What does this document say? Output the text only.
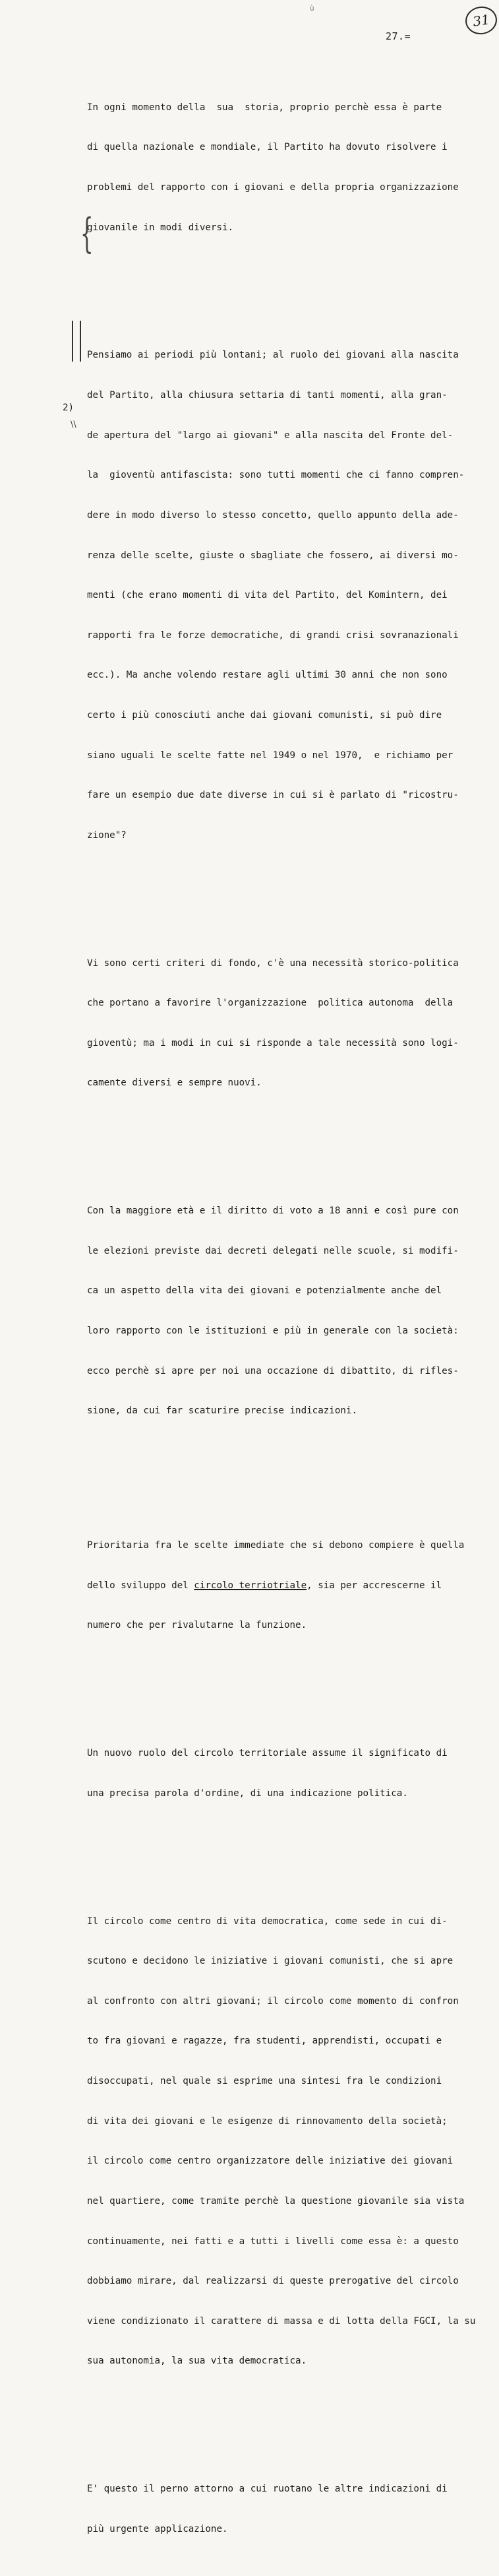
ù
27.=
31
{
\\
2)

In ogni momento della  sua  storia, proprio perchè essa è parte

di quella nazionale e mondiale, il Partito ha dovuto risolvere i

problemi del rapporto con i giovani e della propria organizzazione

giovanile in modi diversi.

Pensiamo ai periodi più lontani; al ruolo dei giovani alla nascita

del Partito, alla chiusura settaria di tanti momenti, alla gran-

de apertura del "largo ai giovani" e alla nascita del Fronte del-

la  gioventù antifascista: sono tutti momenti che ci fanno compren-

dere in modo diverso lo stesso concetto, quello appunto della ade-

renza delle scelte, giuste o sbagliate che fossero, ai diversi mo-

menti (che erano momenti di vita del Partito, del Komintern, dei

rapporti fra le forze democratiche, di grandi crisi sovranazionali

ecc.). Ma anche volendo restare agli ultimi 30 anni che non sono

certo i più conosciuti anche dai giovani comunisti, si può dire

siano uguali le scelte fatte nel 1949 o nel 1970,  e richiamo per

fare un esempio due date diverse in cui si è parlato di "ricostru-

zione"?

Vi sono certi criteri di fondo, c'è una necessità storico-politica

che portano a favorire l'organizzazione  politica autonoma  della

gioventù; ma i modi in cui si risponde a tale necessità sono logi-

camente diversi e sempre nuovi.

Con la maggiore età e il diritto di voto a 18 anni e così pure con

le elezioni previste dai decreti delegati nelle scuole, si modifi-

ca un aspetto della vita dei giovani e potenzialmente anche del

loro rapporto con le istituzioni e più in generale con la società:

ecco perchè si apre per noi una occazione di dibattito, di rifles-

sione, da cui far scaturire precise indicazioni.

Prioritaria fra le scelte immediate che si debono compiere è quella

dello sviluppo del circolo terriotriale, sia per accrescerne il

numero che per rivalutarne la funzione.

Un nuovo ruolo del circolo territoriale assume il significato di

una precisa parola d'ordine, di una indicazione politica.

Il circolo come centro di vita democratica, come sede in cui di-

scutono e decidono le iniziative i giovani comunisti, che si apre

al confronto con altri giovani; il circolo come momento di confron

to fra giovani e ragazze, fra studenti, apprendisti, occupati e

disoccupati, nel quale si esprime una sintesi fra le condizioni

di vita dei giovani e le esigenze di rinnovamento della società;

il circolo come centro organizzatore delle iniziative dei giovani

nel quartiere, come tramite perchè la questione giovanile sia vista

continuamente, nei fatti e a tutti i livelli come essa è: a questo

dobbiamo mirare, dal realizzarsi di queste prerogative del circolo

viene condizionato il carattere di massa e di lotta della FGCI, la su

sua autonomia, la sua vita democratica.

E' questo il perno attorno a cui ruotano le altre indicazioni di

più urgente applicazione.
